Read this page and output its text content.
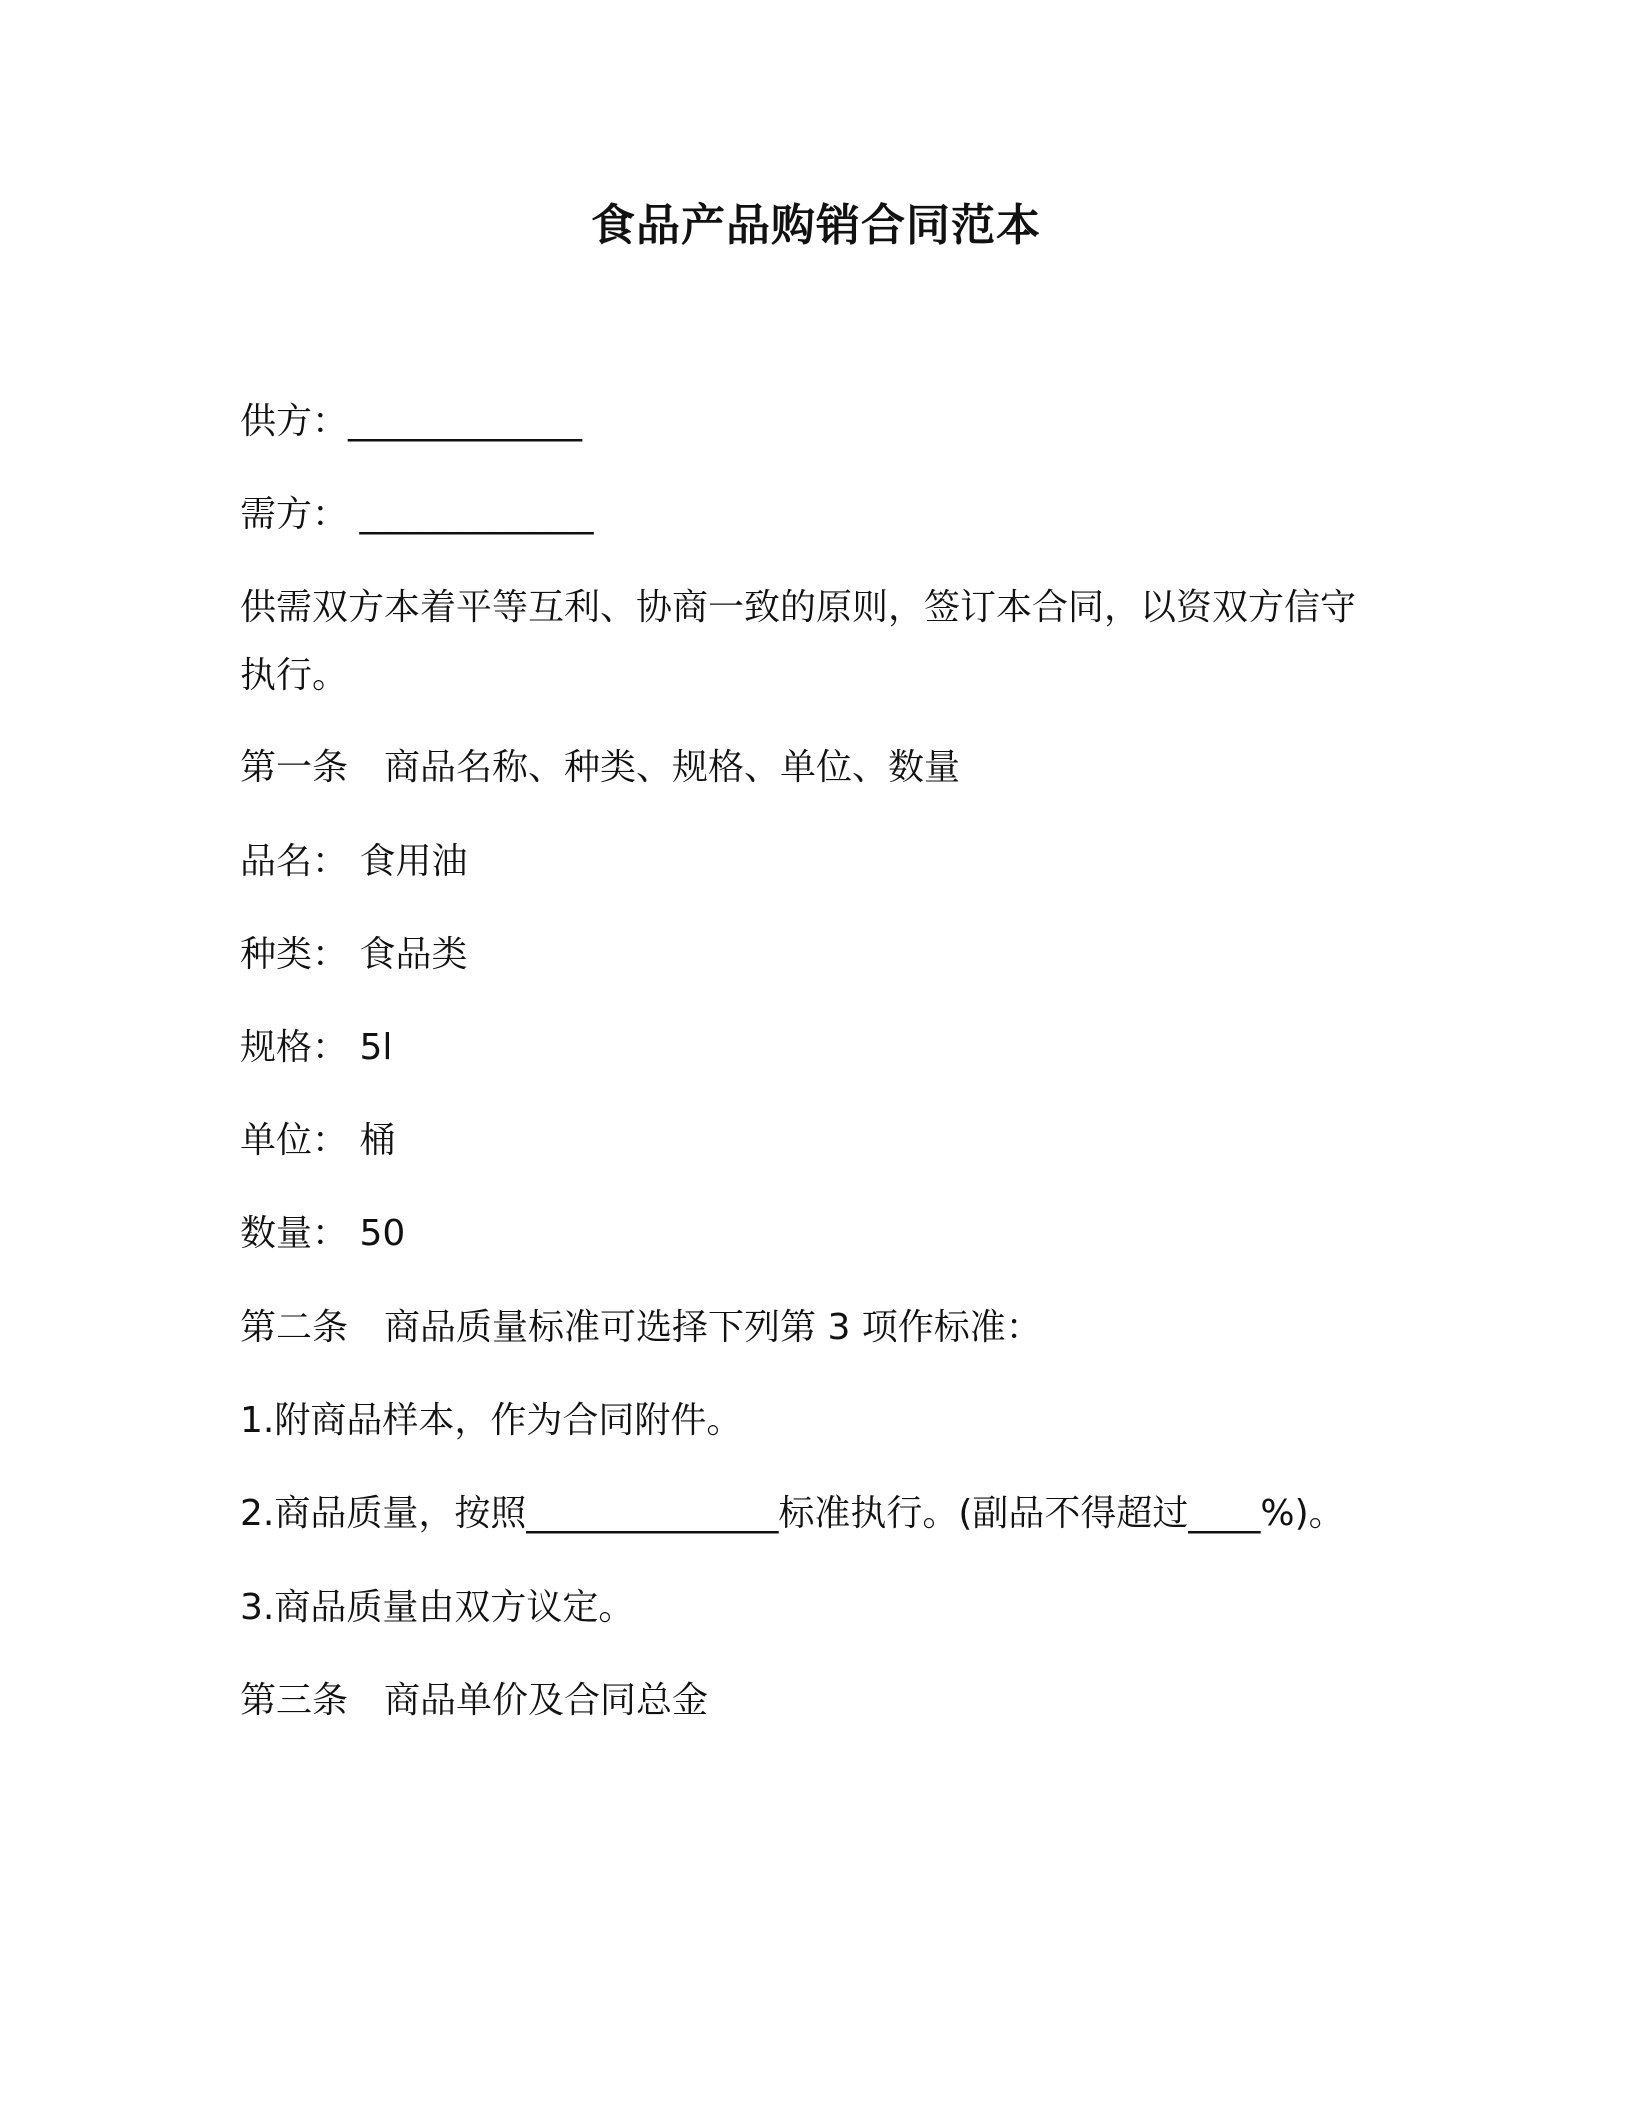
食品产品购销合同范本
供方：_____________
需方： _____________
供需双方本着平等互利、协商一致的原则，签订本合同，以资双方信守执行。
第一条　商品名称、种类、规格、单位、数量
品名： 食用油
种类： 食品类
规格： 5l
单位： 桶
数量： 50
第二条　商品质量标准可选择下列第 3 项作标准：
1.附商品样本，作为合同附件。
2.商品质量，按照______________标准执行。(副品不得超过____%)。
3.商品质量由双方议定。
第三条　商品单价及合同总金
